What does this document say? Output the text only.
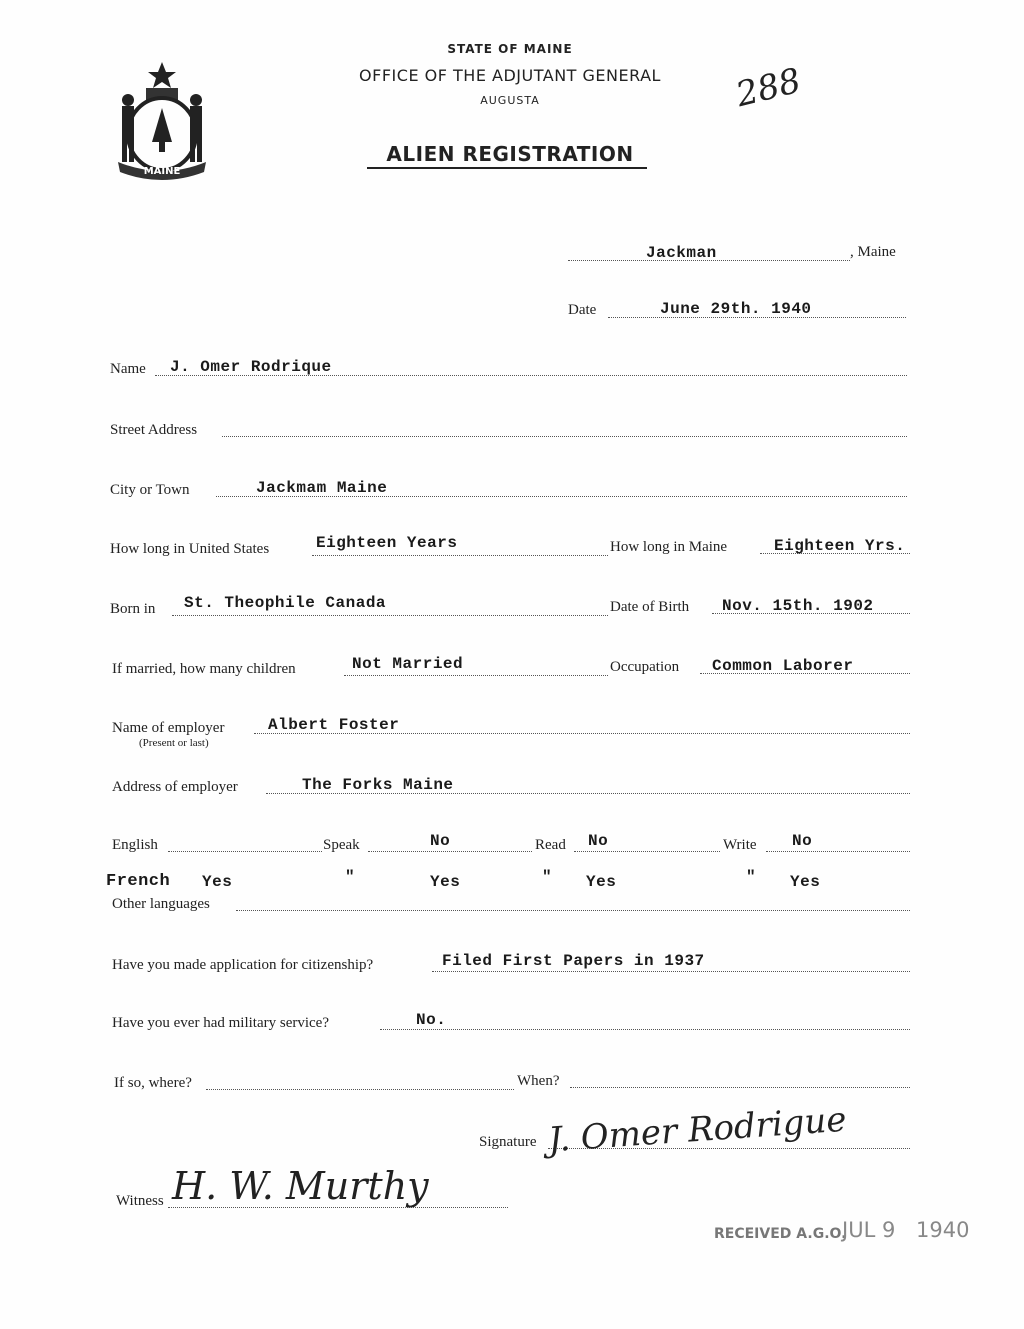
MAINE
STATE OF MAINE
OFFICE OF THE ADJUTANT GENERAL
AUGUSTA
ALIEN REGISTRATION
288
Jackman	, Maine
Date	June 29th. 1940
Name J. Omer Rodrique
Street Address
City or Town	Jackmam Maine
How long in United States	Eighteen Years	How long in Maine	Eighteen Yrs.
Born in St. Theophile Canada	Date of Birth Nov. 15th. 1902
If married, how many children	Not Married	Occupation Common Laborer
Name of employer
(Present or last)
Albert Foster
Address of employer	The Forks Maine
English	Speak	No	Read No	Write No
French Yes	"	Yes	" Yes	" Yes
Other languages
Have you made application for citizenship?	Filed First Papers in 1937
Have you ever had military service?	No.
If so, where?	When?
Signature J. Omer Rodrigue
Witness H. W. Murthy
RECEIVED A.G.O.
JUL 9 1940
